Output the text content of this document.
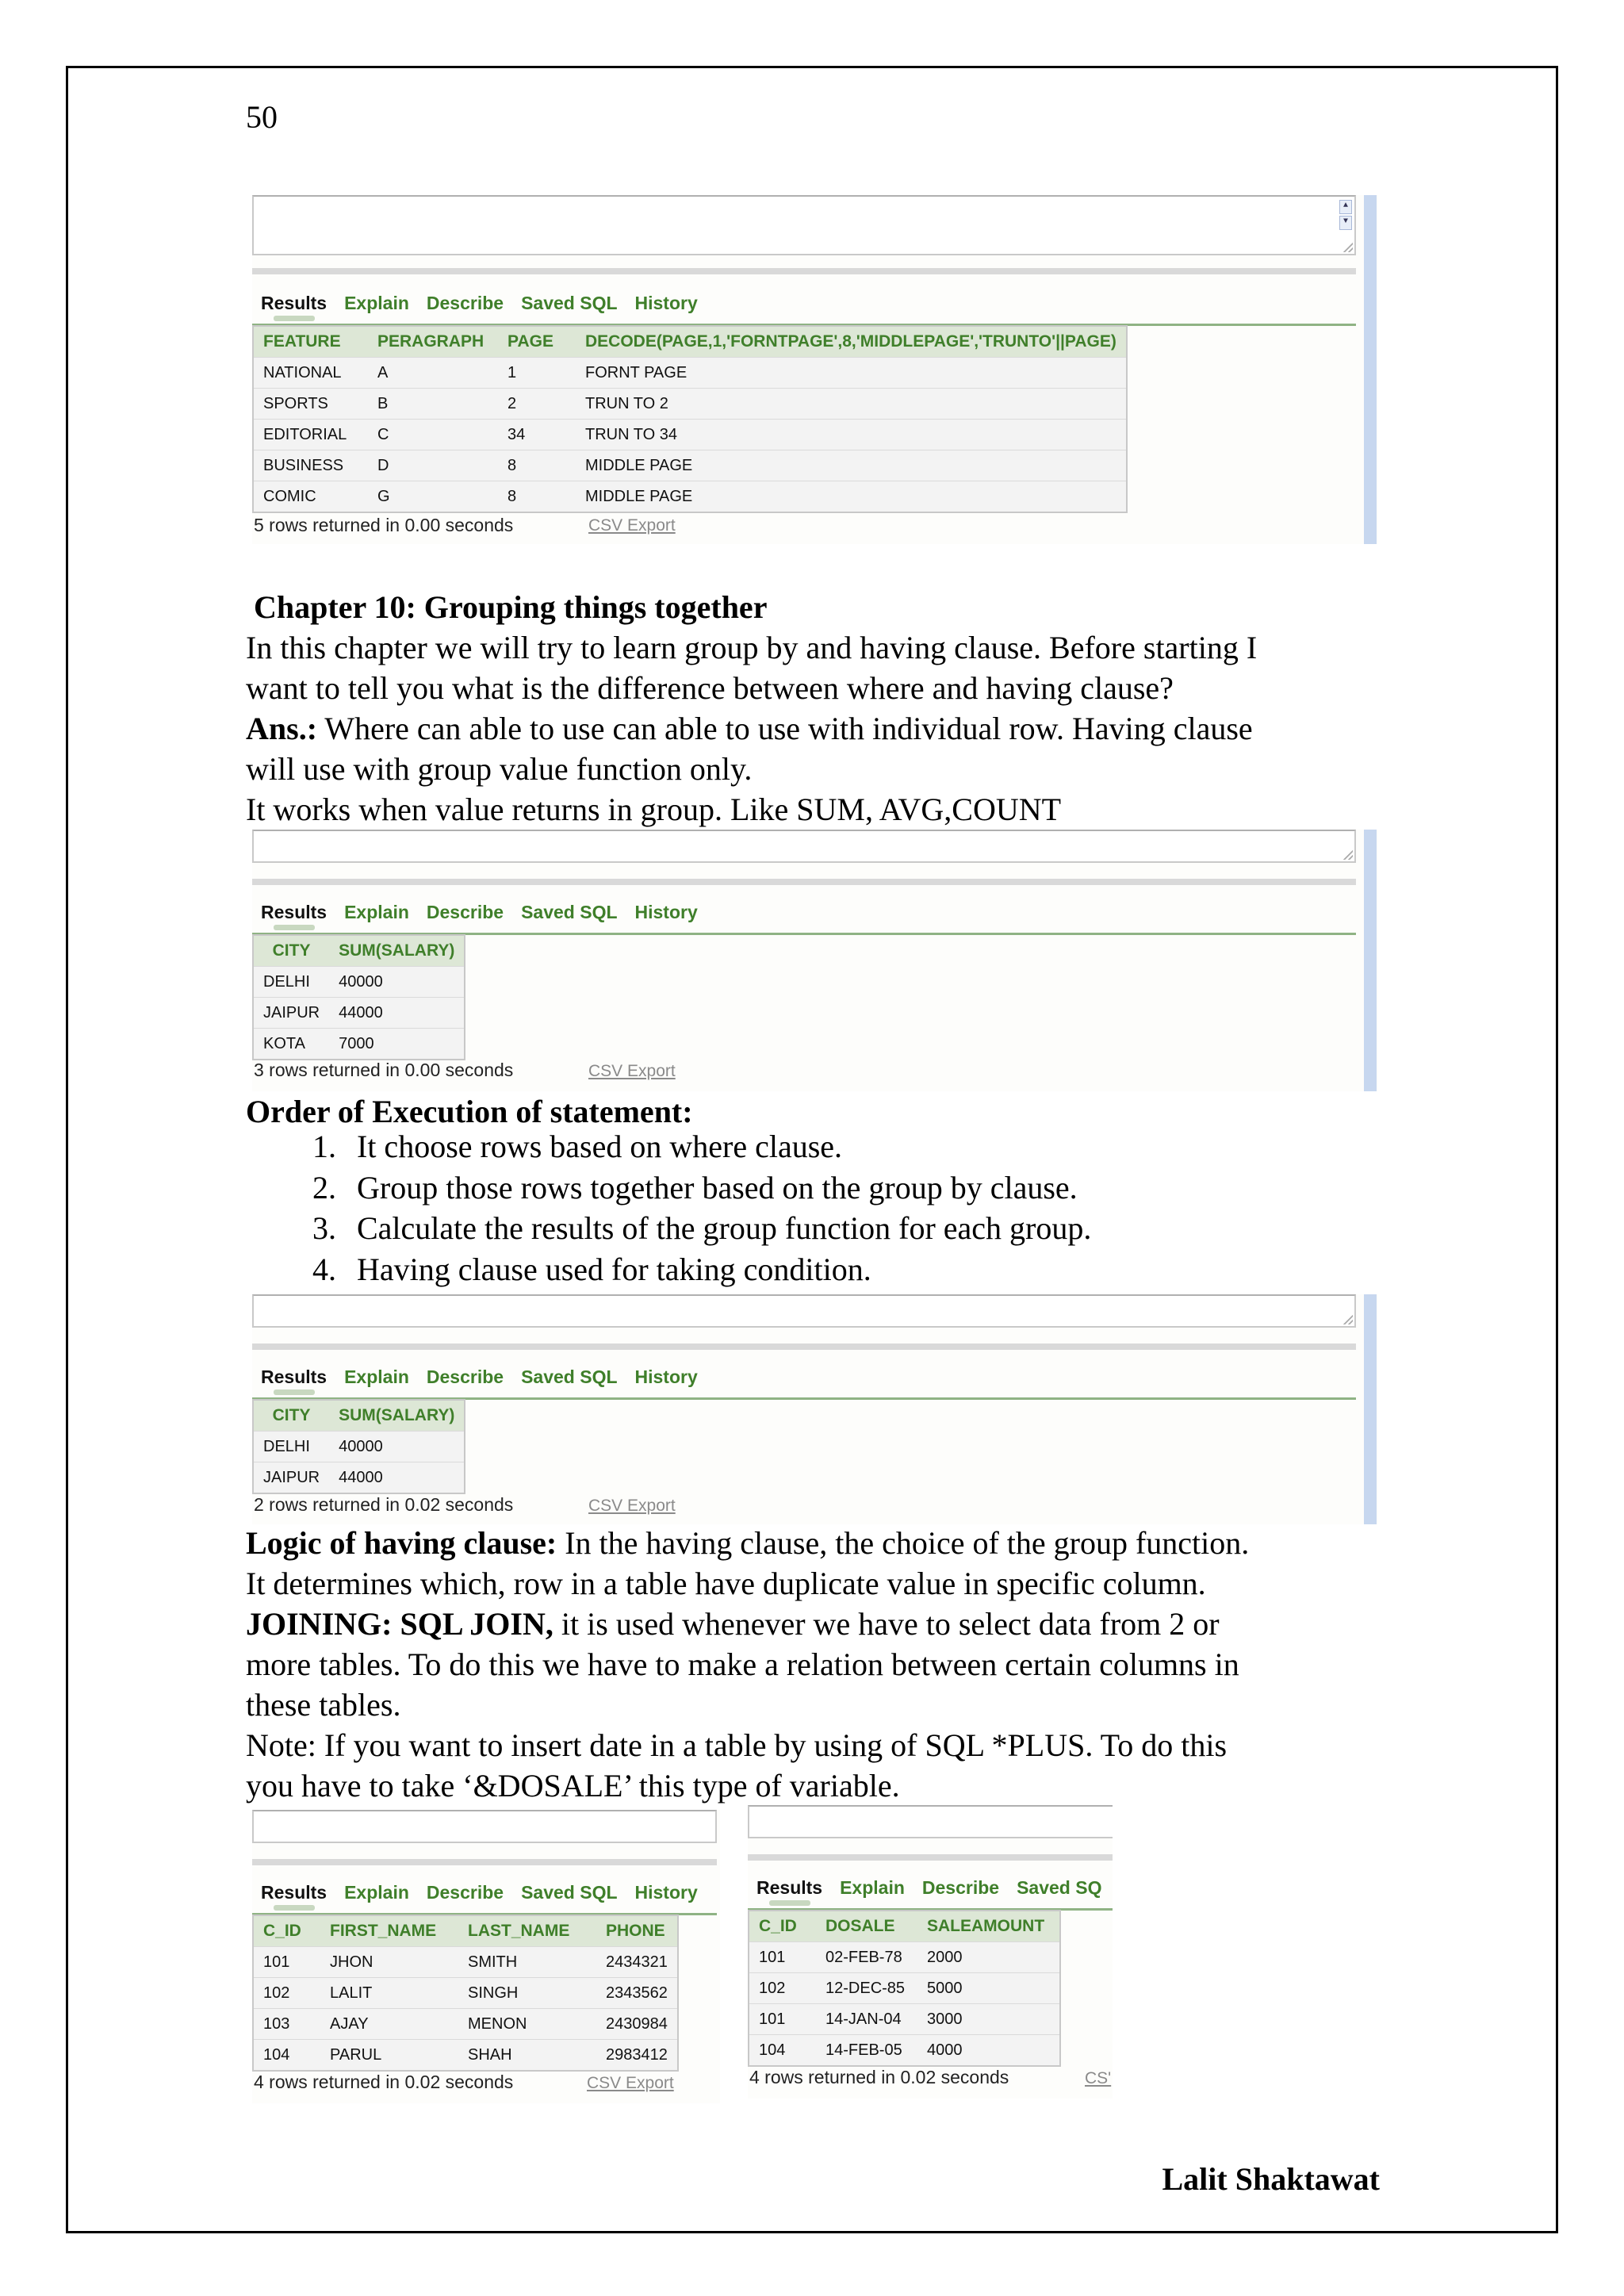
50

▲

▼

Results Explain Describe Saved SQL History
FEATURE	PERAGRAPH	PAGE	DECODE(PAGE,1,'FORNTPAGE',8,'MIDDLEPAGE','TRUNTO'||PAGE)
NATIONAL	A	1	FORNT PAGE
SPORTS	B	2	TRUN TO 2
EDITORIAL	C	34	TRUN TO 34
BUSINESS	D	8	MIDDLE PAGE
COMIC	G	8	MIDDLE PAGE
5 rows returned in 0.00 seconds	CSV Export
Chapter 10: Grouping things together
In this chapter we will try to learn group by and having clause. Before starting I
want to tell you what is the difference between where and having clause?
Ans.: Where can able to use can able to use with individual row. Having clause
will use with group value function only.
It works when value returns in group. Like SUM, AVG,COUNT

Results Explain Describe Saved SQL History
CITY	SUM(SALARY)
DELHI	40000
JAIPUR	44000
KOTA	7000
3 rows returned in 0.00 seconds	CSV Export
Order of Execution of statement:
1. It choose rows based on where clause.
2. Group those rows together based on the group by clause.
3. Calculate the results of the group function for each group.
4. Having clause used for taking condition.

Results Explain Describe Saved SQL History
CITY	SUM(SALARY)
DELHI	40000
JAIPUR	44000
2 rows returned in 0.02 seconds	CSV Export
Logic of having clause: In the having clause, the choice of the group function.
It determines which, row in a table have duplicate value in specific column.
JOINING: SQL JOIN, it is used whenever we have to select data from 2 or
more tables. To do this we have to make a relation between certain columns in
these tables.
Note: If you want to insert date in a table by using of SQL *PLUS. To do this
you have to take ‘&DOSALE’ this type of variable.

Results Explain Describe Saved SQL History
C_ID	FIRST_NAME	LAST_NAME	PHONE
101	JHON	SMITH	2434321
102	LALIT	SINGH	2343562
103	AJAY	MENON	2430984
104	PARUL	SHAH	2983412
4 rows returned in 0.02 seconds	CSV Export

Results Explain Describe Saved SQ
C_ID	DOSALE	SALEAMOUNT
101	02-FEB-78	2000
102	12-DEC-85	5000
101	14-JAN-04	3000
104	14-FEB-05	4000
4 rows returned in 0.02 seconds	CS'
Lalit Shaktawat
